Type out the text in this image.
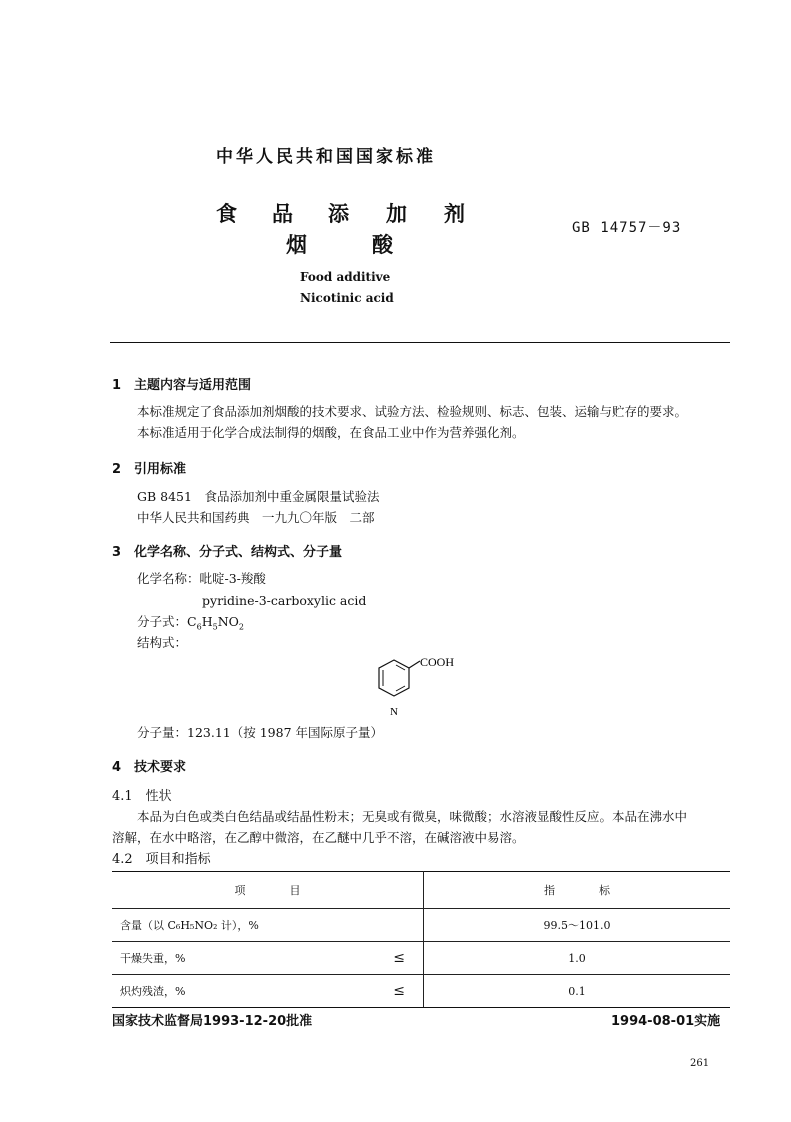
中华人民共和国国家标准
食 品 添 加 剂
烟	酸
GB 14757－93
Food additive
Nicotinic acid
1　主题内容与适用范围
本标准规定了食品添加剂烟酸的技术要求、试验方法、检验规则、标志、包装、运输与贮存的要求。
本标准适用于化学合成法制得的烟酸，在食品工业中作为营养强化剂。
2　引用标准
GB 8451　食品添加剂中重金属限量试验法
中华人民共和国药典　一九九〇年版　二部
3　化学名称、分子式、结构式、分子量
化学名称：吡啶-3-羧酸
pyridine-3-carboxylic acid
分子式：$C_6H_5NO_2$
结构式：
COOH
N
分子量：123.11（按 1987 年国际原子量）
4　技术要求
4.1　性状
本品为白色或类白色结晶或结晶性粉末；无臭或有微臭，味微酸；水溶液显酸性反应。本品在沸水中
溶解，在水中略溶，在乙醇中微溶，在乙醚中几乎不溶，在碱溶液中易溶。
4.2　项目和指标
项　　　　目	指　　　　标
含量（以 C₆H₅NO₂ 计），%	99.5～101.0
干燥失重，% ≤	1.0
炽灼残渣，% ≤	0.1
国家技术监督局1993-12-20批准	1994-08-01实施
261
